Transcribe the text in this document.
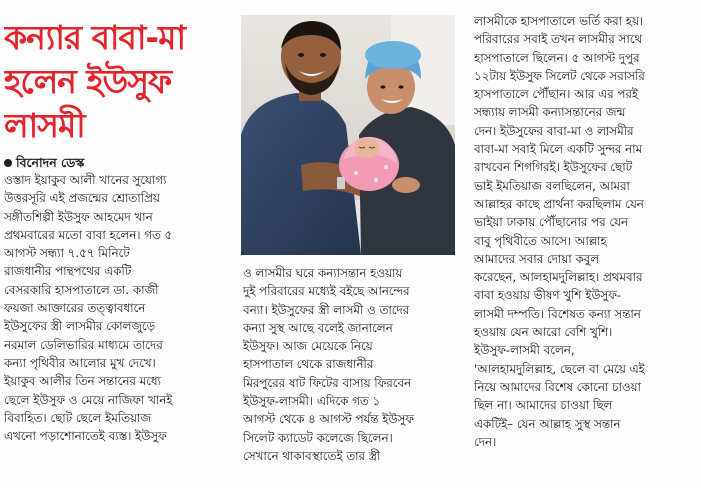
কন্যার বাবা-মা
হলেন ইউসুফ
লাসমী
বিনোদন ডেস্ক

ওস্তাদ ইয়াকুব আলী খানের সুযোগ্য
উত্তরসূরি এই প্রজন্মের শ্রোতাপ্রিয়
সঙ্গীতশিল্পী ইউসুফ আহমেদ খান
প্রথমবারের মতো বাবা হলেন। গত ৫
আগস্ট সন্ধ্যা ৭.৫৭ মিনিটে
রাজধানীর পান্থপথের একটি
বেসরকারি হাসপাতালে ডা. কাজী
ফয়জা আক্তারের তত্ত্বাবধানে
ইউসুফের স্ত্রী লাসমীর কোলজুড়ে
নরমাল ডেলিভারির মাধ্যমে তাদের
কন্যা পৃথিবীর আলোর মুখ দেখে।
ইয়াকুব আলীর তিন সন্তানের মধ্যে
ছেলে ইউসুফ ও মেয়ে নাজিফা খানই
বিবাহিত। ছোট ছেলে ইমতিয়াজ
এখনো পড়াশোনাতেই ব্যস্ত। ইউসুফ

ও লাসমীর ঘরে কন্যাসন্তান হওয়ায়
দুই পরিবারের মধ্যেই বইছে আনন্দের
বন্যা। ইউসুফের স্ত্রী লাসমী ও তাদের
কন্যা সুস্থ আছে বলেই জানালেন
ইউসুফ। আজ মেয়েকে নিয়ে
হাসপাতাল থেকে রাজধানীর
মিরপুরের ষাট ফিটের বাসায় ফিরবেন
ইউসুফ-লাসমী। এদিকে গত ১
আগস্ট থেকে ৪ আগস্ট পর্যন্ত ইউসুফ
সিলেট ক্যাডেট কলেজে ছিলেন।
সেখানে থাকাবস্থাতেই তার স্ত্রী

লাসমীকে হাসপাতালে ভর্তি করা হয়।
পরিবারের সবাই তখন লাসমীর সাথে
হাসপাতালে ছিলেন। ৫ আগস্ট দুপুর
১২টায় ইউসুফ সিলেট থেকে সরাসরি
হাসপাতালে পৌঁছান। আর এর পরই
সন্ধ্যায় লাসমী কন্যাসন্তানের জন্ম
দেন। ইউসুফের বাবা-মা ও লাসমীর
বাবা-মা সবাই মিলে একটি সুন্দর নাম
রাখবেন শিগগিরই। ইউসুফের ছোট
ভাই ইমতিয়াজ বলছিলেন, আমরা
আল্লাহর কাছে প্রার্থনা করছিলাম যেন
ভাইয়া ঢাকায় পৌঁছানোর পর যেন
বাবু পৃথিবীতে আসে। আল্লাহ
আমাদের সবার দোয়া কবুল
করেছেন, আলহামদুলিল্লাহ। প্রথমবার
বাবা হওয়ায় ভীষণ খুশি ইউসুফ-
লাসমী দম্পতি। বিশেষত কন্যা সন্তান
হওয়ায় যেন আরো বেশি খুশি।
ইউসুফ-লাসমী বলেন,
'আলহামদুলিল্লাহ, ছেলে বা মেয়ে এই
নিয়ে আমাদের বিশেষ কোনো চাওয়া
ছিল না। আমাদের চাওয়া ছিল
একটিই– যেন আল্লাহ সুস্থ সন্তান
দেন।
